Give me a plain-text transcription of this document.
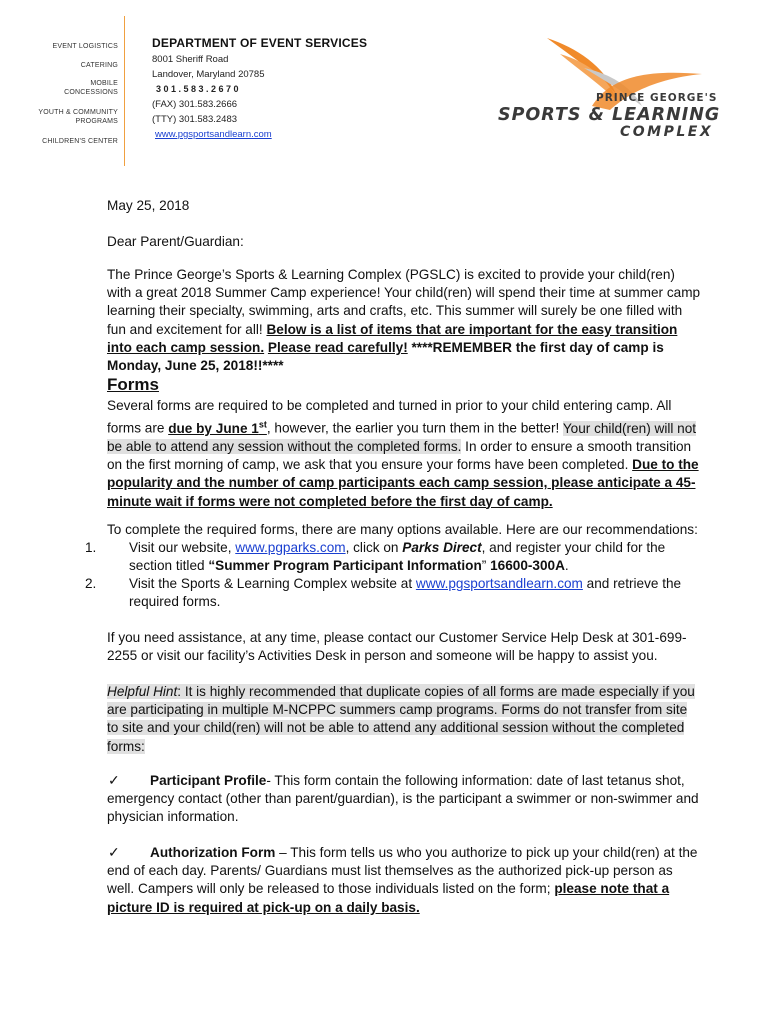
EVENT LOGISTICS
CATERING
MOBILE CONCESSIONS
YOUTH & COMMUNITY PROGRAMS
CHILDREN'S CENTER
DEPARTMENT OF EVENT SERVICES
8001 Sheriff Road
Landover, Maryland 20785
301.583.2670
(FAX) 301.583.2666
(TTY) 301.583.2483
www.pgsportsandlearn.com
PRINCE GEORGE'S
SPORTS & LEARNING
COMPLEX
May 25, 2018
Dear Parent/Guardian:
The Prince George’s Sports & Learning Complex (PGSLC) is excited to provide your child(ren) with a great 2018 Summer Camp experience! Your child(ren) will spend their time at summer camp learning their specialty, swimming, arts and crafts, etc. This summer will surely be one filled with fun and excitement for all! Below is a list of items that are important for the easy transition into each camp session. Please read carefully! ****REMEMBER the first day of camp is Monday, June 25, 2018!!****
Forms
Several forms are required to be completed and turned in prior to your child entering camp. All forms are due by June 1st, however, the earlier you turn them in the better! Your child(ren) will not be able to attend any session without the completed forms. In order to ensure a smooth transition on the first morning of camp, we ask that you ensure your forms have been completed. Due to the popularity and the number of camp participants each camp session, please anticipate a 45-minute wait if forms were not completed before the first day of camp.
To complete the required forms, there are many options available. Here are our recommendations:
1. Visit our website, www.pgparks.com, click on Parks Direct, and register your child for the section titled “Summer Program Participant Information” 16600-300A.
2. Visit the Sports & Learning Complex website at www.pgsportsandlearn.com and retrieve the required forms.
If you need assistance, at any time, please contact our Customer Service Help Desk at 301-699-2255 or visit our facility’s Activities Desk in person and someone will be happy to assist you.
Helpful Hint: It is highly recommended that duplicate copies of all forms are made especially if you are participating in multiple M-NCPPC summers camp programs. Forms do not transfer from site to site and your child(ren) will not be able to attend any additional session without the completed forms:
✓ Participant Profile- This form contain the following information: date of last tetanus shot, emergency contact (other than parent/guardian), is the participant a swimmer or non-swimmer and physician information.
✓ Authorization Form – This form tells us who you authorize to pick up your child(ren) at the end of each day. Parents/ Guardians must list themselves as the authorized pick-up person as well. Campers will only be released to those individuals listed on the form; please note that a picture ID is required at pick-up on a daily basis.
